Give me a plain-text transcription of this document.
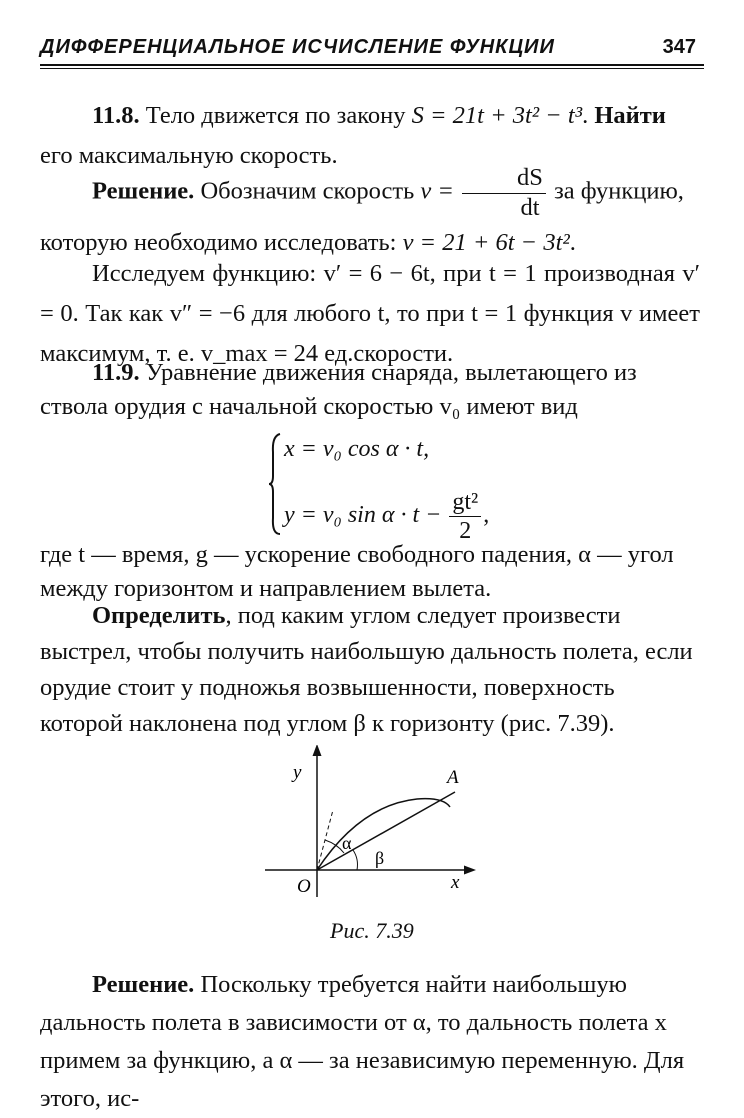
ДИФФЕРЕНЦИАЛЬНОЕ ИСЧИСЛЕНИЕ ФУНКЦИИ	347

11.8. Тело движется по закону S = 21t + 3t² − t³. Найти его максимальную скорость.

Решение. Обозначим скорость $v = \frac{dS}{dt}$ за функцию, которую необходимо исследовать: v = 21 + 6t − 3t².

Исследуем функцию: v′ = 6 − 6t, при t = 1 производная v′ = 0. Так как v″ = −6 для любого t, то при t = 1 функция v имеет максимум, т. е. v_max = 24 ед.скорости.

11.9. Уравнение движения снаряда, вылетающего из ствола орудия с начальной скоростью v₀ имеют вид

x = v₀ cos α · t,
y = v₀ $\sin \alpha \cdot t - \frac{\text{gt²}}{2}$ ,

где t — время, g — ускорение свободного падения, α — угол между горизонтом и направлением вылета.

Определить, под каким углом следует произвести выстрел, чтобы получить наибольшую дальность полета, если орудие стоит у подножья возвышенности, поверхность которой наклонена под углом β к горизонту (рис. 7.39).

y	A
α
β
O	x
Рис. 7.39

Решение. Поскольку требуется найти наибольшую дальность полета в зависимости от α, то дальность полета x примем за функцию, а α — за независимую переменную. Для этого, ис-
